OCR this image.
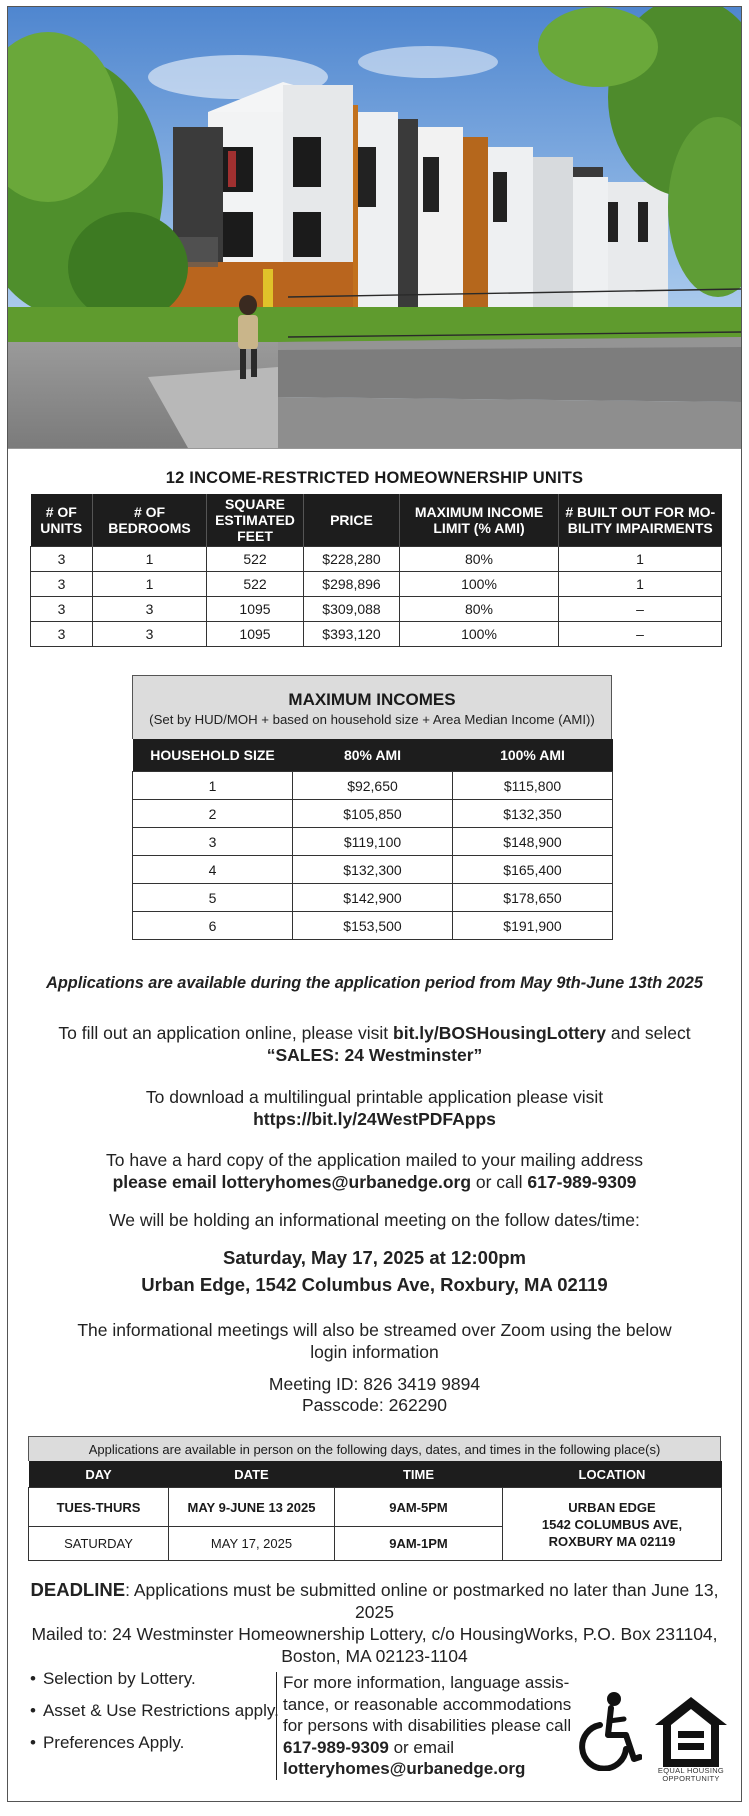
12 INCOME-RESTRICTED HOMEOWNERSHIP UNITS
# OF UNITS	# OF BEDROOMS	SQUARE ESTIMATED FEET	PRICE	MAXIMUM INCOME LIMIT (% AMI)	# BUILT OUT FOR MO-BILITY IMPAIRMENTS
3	1	522	$228,280	80%	1
3	1	522	$298,896	100%	1
3	3	1095	$309,088	80%	–
3	3	1095	$393,120	100%	–
MAXIMUM INCOMES
(Set by HUD/MOH + based on household size + Area Median Income (AMI))
HOUSEHOLD SIZE	80% AMI	100% AMI
1	$92,650	$115,800
2	$105,850	$132,350
3	$119,100	$148,900
4	$132,300	$165,400
5	$142,900	$178,650
6	$153,500	$191,900
Applications are available during the application period from May 9th-June 13th 2025
To fill out an application online, please visit bit.ly/BOSHousingLottery and select
“SALES: 24 Westminster”
To download a multilingual printable application please visit
https://bit.ly/24WestPDFApps
To have a hard copy of the application mailed to your mailing address
please email lotteryhomes@urbanedge.org or call 617-989-9309
We will be holding an informational meeting on the follow dates/time:
Saturday, May 17, 2025 at 12:00pm
Urban Edge, 1542 Columbus Ave, Roxbury, MA 02119
The informational meetings will also be streamed over Zoom using the below login information
Meeting ID: 826 3419 9894
Passcode: 262290
Applications are available in person on the following days, dates, and times in the following place(s)
DAY	DATE	TIME	LOCATION
TUES-THURS	MAY 9-JUNE 13 2025	9AM-5PM	URBAN EDGE
1542 COLUMBUS AVE,
ROXBURY MA 02119
SATURDAY	MAY 17, 2025	9AM-1PM	
DEADLINE: Applications must be submitted online or postmarked no later than June 13, 2025
Mailed to: 24 Westminster Homeownership Lottery, c/o HousingWorks, P.O. Box 231104, Boston, MA 02123-1104
• Selection by Lottery.
• Asset & Use Restrictions apply.
• Preferences Apply.
For more information, language assis-tance, or reasonable accommodations for persons with disabilities please call 617-989-9309 or email lotteryhomes@urbanedge.org	EQUAL HOUSING OPPORTUNITY
